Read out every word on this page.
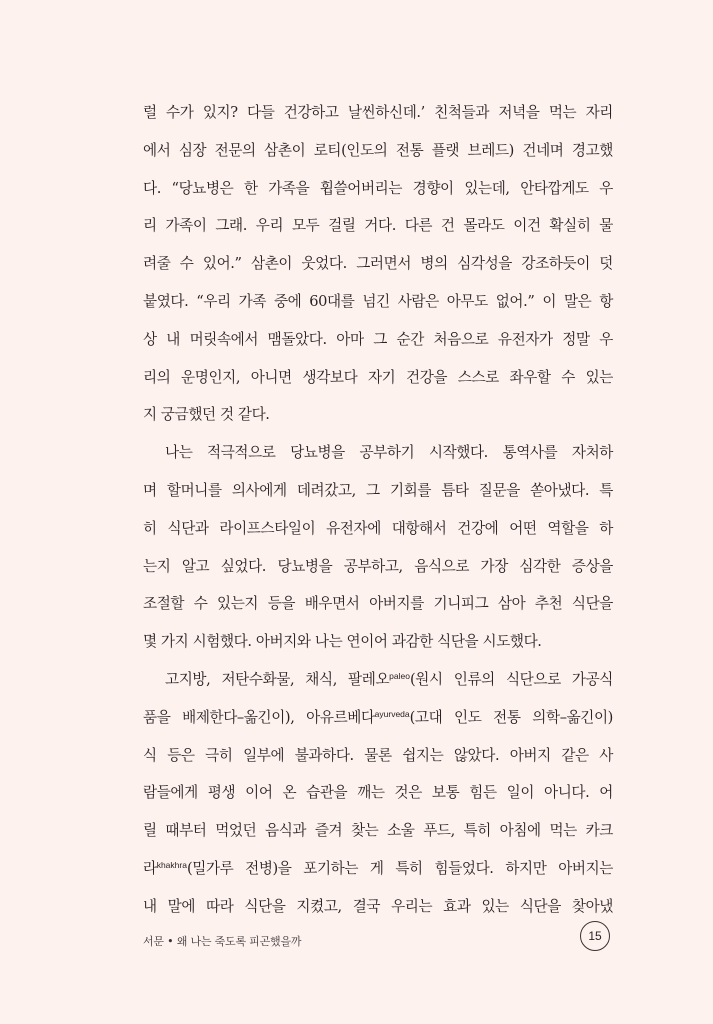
럴 수가 있지? 다들 건강하고 날씬하신데.’ 친척들과 저녁을 먹는 자리
에서 심장 전문의 삼촌이 로티(인도의 전통 플랫 브레드) 건네며 경고했
다. “당뇨병은 한 가족을 휩쓸어버리는 경향이 있는데, 안타깝게도 우
리 가족이 그래. 우리 모두 걸릴 거다. 다른 건 몰라도 이건 확실히 물
려줄 수 있어.” 삼촌이 웃었다. 그러면서 병의 심각성을 강조하듯이 덧
붙였다. “우리 가족 중에 60대를 넘긴 사람은 아무도 없어.” 이 말은 항
상 내 머릿속에서 맴돌았다. 아마 그 순간 처음으로 유전자가 정말 우
리의 운명인지, 아니면 생각보다 자기 건강을 스스로 좌우할 수 있는
지 궁금했던 것 같다.
나는 적극적으로 당뇨병을 공부하기 시작했다. 통역사를 자처하
며 할머니를 의사에게 데려갔고, 그 기회를 틈타 질문을 쏟아냈다. 특
히 식단과 라이프스타일이 유전자에 대항해서 건강에 어떤 역할을 하
는지 알고 싶었다. 당뇨병을 공부하고, 음식으로 가장 심각한 증상을
조절할 수 있는지 등을 배우면서 아버지를 기니피그 삼아 추천 식단을
몇 가지 시험했다. 아버지와 나는 연이어 과감한 식단을 시도했다.
고지방, 저탄수화물, 채식, 팔레오$^{paleo}$(원시 인류의 식단으로 가공식
품을 배제한다–옮긴이), 아유르베다$^{ayurveda}$(고대 인도 전통 의학–옮긴이)
식 등은 극히 일부에 불과하다. 물론 쉽지는 않았다. 아버지 같은 사
람들에게 평생 이어 온 습관을 깨는 것은 보통 힘든 일이 아니다. 어
릴 때부터 먹었던 음식과 즐겨 찾는 소울 푸드, 특히 아침에 먹는 카크
라$^{khakhra}$(밀가루 전병)을 포기하는 게 특히 힘들었다. 하지만 아버지는
내 말에 따라 식단을 지켰고, 결국 우리는 효과 있는 식단을 찾아냈
서문 • 왜 나는 죽도록 피곤했을까	15
